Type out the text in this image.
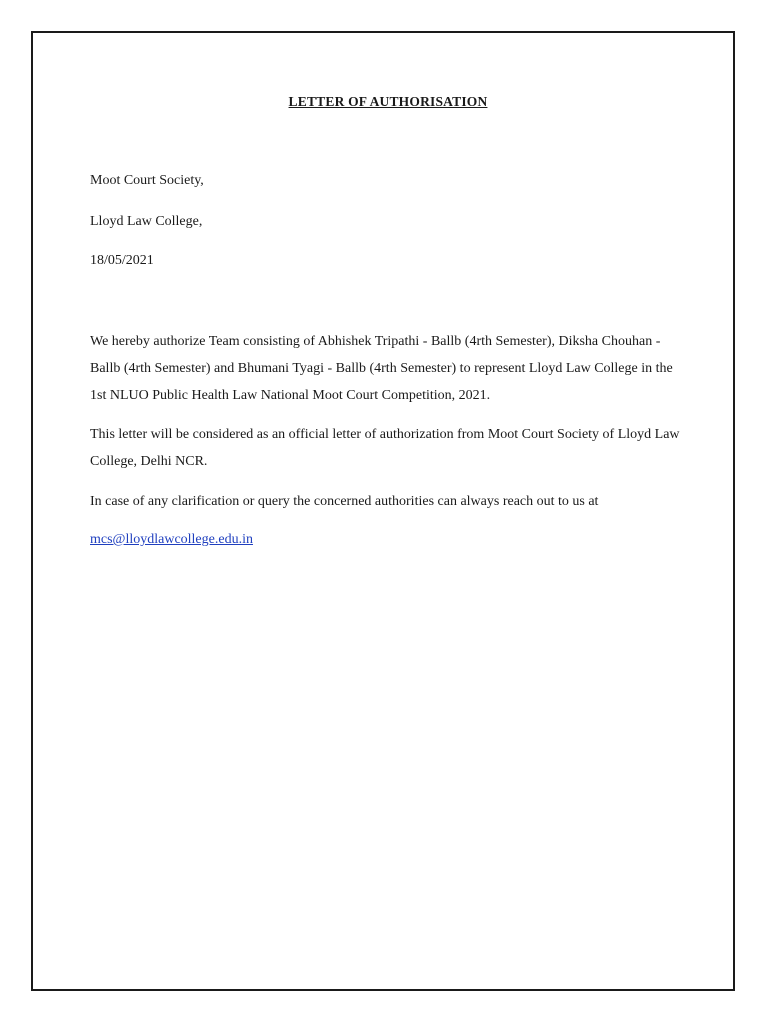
LETTER OF AUTHORISATION

Moot Court Society,

Lloyd Law College,

18/05/2021

We hereby authorize Team consisting of Abhishek Tripathi - Ballb (4rth Semester), Diksha Chouhan - Ballb (4rth Semester) and Bhumani Tyagi - Ballb (4rth Semester) to represent Lloyd Law College in the 1st NLUO Public Health Law National Moot Court Competition, 2021.

This letter will be considered as an official letter of authorization from Moot Court Society of Lloyd Law College, Delhi NCR.

In case of any clarification or query the concerned authorities can always reach out to us at

mcs@lloydlawcollege.edu.in
